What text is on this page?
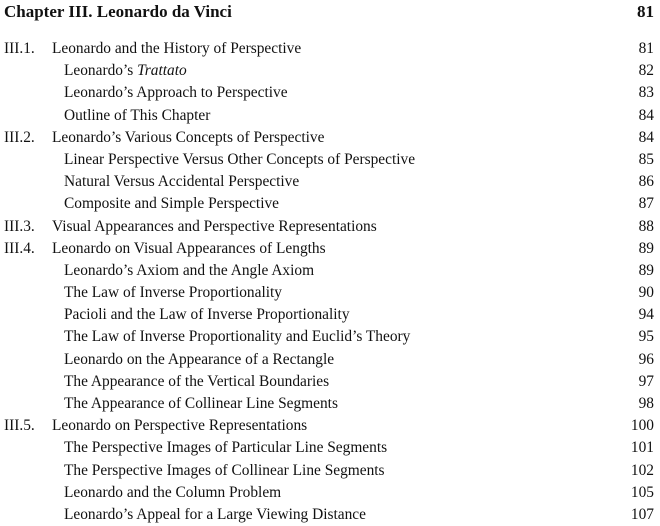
Chapter III. Leonardo da Vinci	81
III.1. Leonardo and the History of Perspective	81
Leonardo’s Trattato	82
Leonardo’s Approach to Perspective	83
Outline of This Chapter	84
III.2. Leonardo’s Various Concepts of Perspective	84
Linear Perspective Versus Other Concepts of Perspective	85
Natural Versus Accidental Perspective	86
Composite and Simple Perspective	87
III.3. Visual Appearances and Perspective Representations	88
III.4. Leonardo on Visual Appearances of Lengths	89
Leonardo’s Axiom and the Angle Axiom	89
The Law of Inverse Proportionality	90
Pacioli and the Law of Inverse Proportionality	94
The Law of Inverse Proportionality and Euclid’s Theory	95
Leonardo on the Appearance of a Rectangle	96
The Appearance of the Vertical Boundaries	97
The Appearance of Collinear Line Segments	98
III.5. Leonardo on Perspective Representations	100
The Perspective Images of Particular Line Segments	101
The Perspective Images of Collinear Line Segments	102
Leonardo and the Column Problem	105
Leonardo’s Appeal for a Large Viewing Distance	107
